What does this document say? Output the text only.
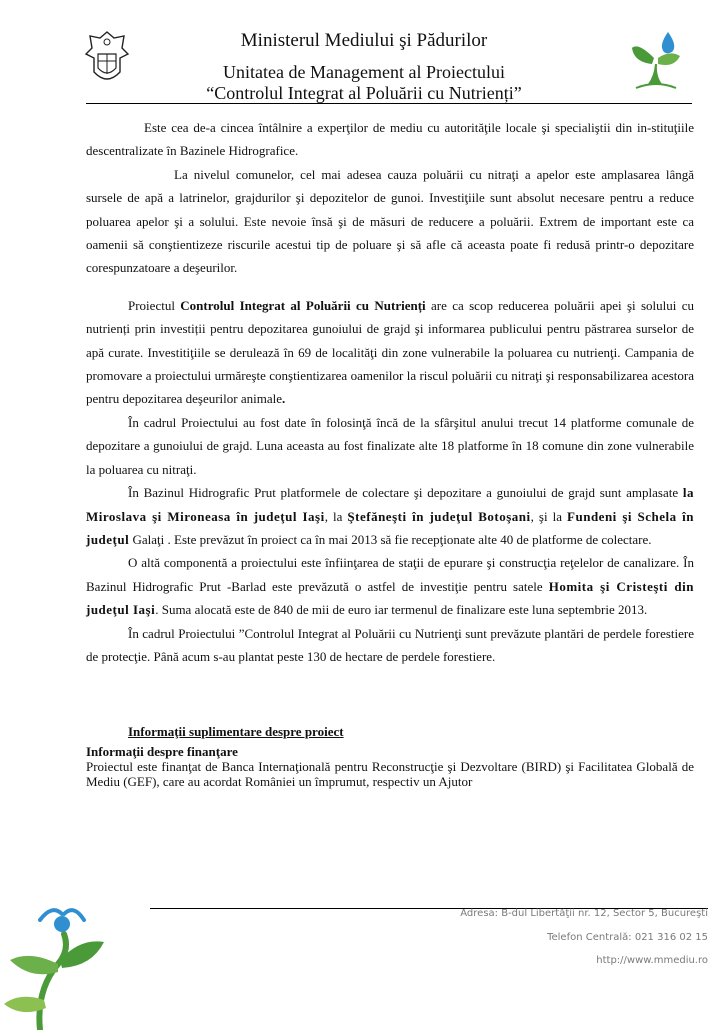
Ministerul Mediului şi Pădurilor
Unitatea de Management al Proiectului
“Controlul Integrat al Poluării cu Nutrienți”

Este cea de-a cincea întâlnire a experţilor de mediu cu autorităţile locale şi specialiştii din in-stituţiile descentralizate în Bazinele Hidrografice.

La nivelul comunelor, cel mai adesea cauza poluării cu nitraţi a apelor este amplasarea lângă sursele de apă a latrinelor, grajdurilor şi depozitelor de gunoi. Investiţiile sunt absolut necesare pentru a reduce poluarea apelor şi a solului. Este nevoie însă şi de măsuri de reducere a poluării. Extrem de important este ca oamenii să conştientizeze riscurile acestui tip de poluare şi să afle că aceasta poate fi redusă printr-o depozitare corespunzatoare a deşeurilor.

Proiectul Controlul Integrat al Poluării cu Nutrienți are ca scop reducerea poluării apei şi solului cu nutrienți prin investiții pentru depozitarea gunoiului de grajd şi informarea publicului pentru păstrarea surselor de apă curate. Investitiţiile se derulează în 69 de localităţi din zone vulnerabile la poluarea cu nutrienţi. Campania de promovare a proiectului urmăreşte conştientizarea oamenilor la riscul poluării cu nitraţi şi responsabilizarea acestora pentru depozitarea deşeurilor animale.

În cadrul Proiectului au fost date în folosinţă încă de la sfârşitul anului trecut 14 platforme comunale de depozitare a gunoiului de grajd. Luna aceasta au fost finalizate alte 18 platforme în 18 comune din zone vulnerabile la poluarea cu nitraţi.

În Bazinul Hidrografic Prut platformele de colectare şi depozitare a gunoiului de grajd sunt amplasate la Miroslava şi Mironeasa în judeţul Iaşi, la Ştefăneşti în judeţul Botoşani, şi la Fundeni şi Schela în judeţul Galaţi . Este prevăzut în proiect ca în mai 2013 să fie recepţionate alte 40 de platforme de colectare.

O altă componentă a proiectului este înfiinţarea de staţii de epurare şi construcţia reţelelor de canalizare. În Bazinul Hidrografic Prut -Barlad este prevăzută o astfel de investiţie pentru satele Homita şi Cristeşti din judeţul Iaşi. Suma alocată este de 840 de mii de euro iar termenul de finalizare este luna septembrie 2013.

În cadrul Proiectului ”Controlul Integrat al Poluării cu Nutrienţi sunt prevăzute plantări de perdele forestiere de protecţie. Până acum s-au plantat peste 130 de hectare de perdele forestiere.

Informaţii suplimentare despre proiect

Informaţii despre finanţare

Proiectul este finanţat de Banca Internaţională pentru Reconstrucţie şi Dezvoltare (BIRD) şi Facilitatea Globală de Mediu (GEF), care au acordat României un împrumut, respectiv un Ajutor

Adresa: B-dul Libertăţii nr. 12, Sector 5, Bucureşti
Telefon Centrală: 021 316 02 15
http://www.mmediu.ro
